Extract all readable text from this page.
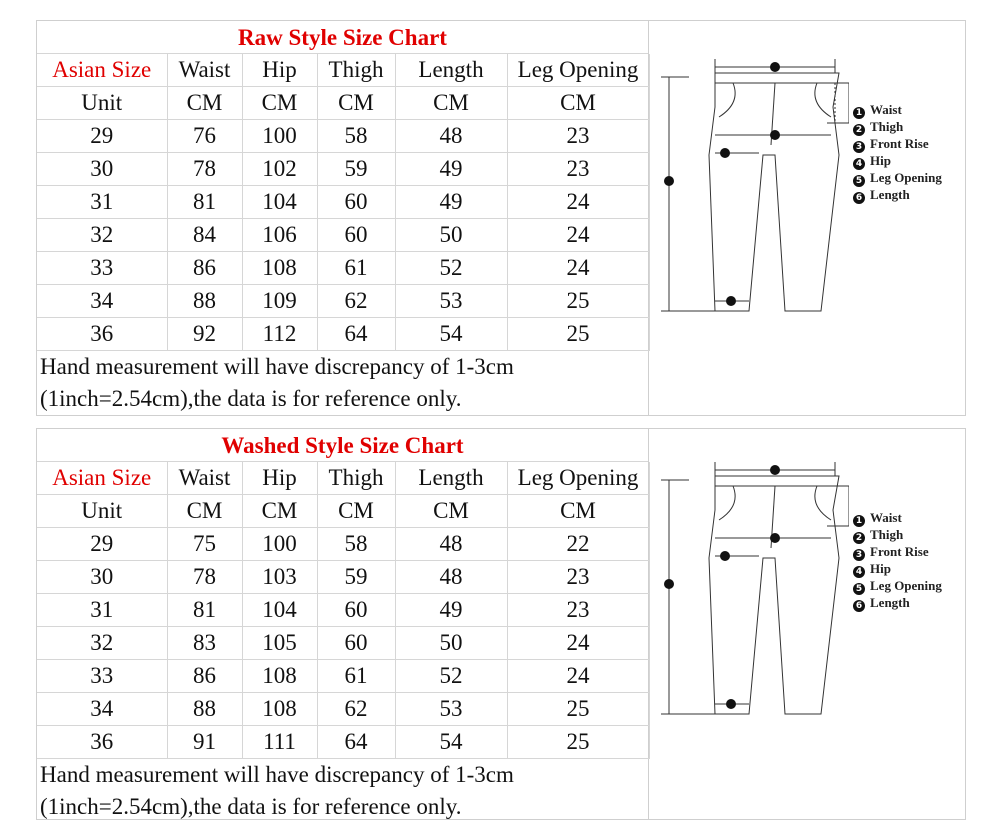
Raw Style Size Chart
Asian Size	Waist	Hip	Thigh	Length	Leg Opening
Unit	CM	CM	CM	CM	CM
29	76	100	58	48	23
30	78	102	59	49	23
31	81	104	60	49	24
32	84	106	60	50	24
33	86	108	61	52	24
34	88	109	62	53	25
36	92	112	64	54	25
Hand measurement will have discrepancy of 1-3cm
(1inch=2.54cm),the data is for reference only.
1 Waist
2 Thigh
3 Front Rise
4 Hip
5 Leg Opening
6 Length
Washed Style Size Chart
Asian Size	Waist	Hip	Thigh	Length	Leg Opening
Unit	CM	CM	CM	CM	CM
29	75	100	58	48	22
30	78	103	59	48	23
31	81	104	60	49	23
32	83	105	60	50	24
33	86	108	61	52	24
34	88	108	62	53	25
36	91	111	64	54	25
Hand measurement will have discrepancy of 1-3cm
(1inch=2.54cm),the data is for reference only.
1 Waist
2 Thigh
3 Front Rise
4 Hip
5 Leg Opening
6 Length
